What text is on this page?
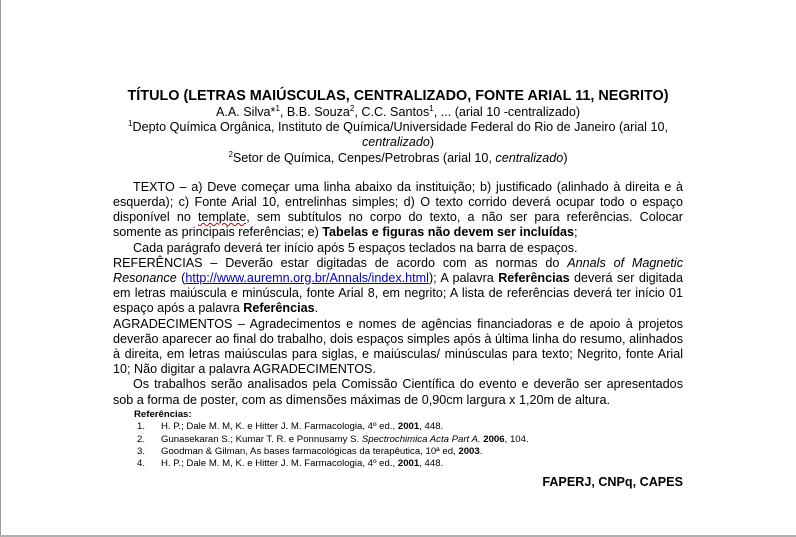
TÍTULO (LETRAS MAIÚSCULAS, CENTRALIZADO, FONTE ARIAL 11, NEGRITO)
A.A. Silva*$^1$, B.B. Souza$^2$, C.C. Santos$^1$, ... (arial 10 -centralizado)
$^1$Depto Química Orgânica, Instituto de Química/Universidade Federal do Rio de Janeiro (arial 10, centralizado)
$^2$Setor de Química, Cenpes/Petrobras (arial 10, centralizado)
TEXTO – a) Deve começar uma linha abaixo da instituição; b) justificado (alinhado à direita e à esquerda); c) Fonte Arial 10, entrelinhas simples; d) O texto corrido deverá ocupar todo o espaço disponível no template, sem subtítulos no corpo do texto, a não ser para referências. Colocar somente as principais referências; e) Tabelas e figuras não devem ser incluídas;
Cada parágrafo deverá ter início após 5 espaços teclados na barra de espaços.
REFERÊNCIAS – Deverão estar digitadas de acordo com as normas do Annals of Magnetic Resonance (http://www.auremn.org.br/Annals/index.html); A palavra Referências deverá ser digitada em letras maiúscula e minúscula, fonte Arial 8, em negrito; A lista de referências deverá ter início 01 espaço após a palavra Referências.
AGRADECIMENTOS – Agradecimentos e nomes de agências financiadoras e de apoio à projetos deverão aparecer ao final do trabalho, dois espaços simples após à última linha do resumo, alinhados à direita, em letras maiúsculas para siglas, e maiúsculas/ minúsculas para texto; Negrito, fonte Arial 10; Não digitar a palavra AGRADECIMENTOS.
Os trabalhos serão analisados pela Comissão Científica do evento e deverão ser apresentados sob a forma de poster, com as dimensões máximas de 0,90cm largura x 1,20m de altura.
Referências:
1.	H. P.; Dale M. M, K. e Hitter J. M. Farmacologia, 4º ed., 2001, 448.
2.	Gunasekaran S.; Kumar T. R. e Ponnusamy S. Spectrochimica Acta Part A. 2006, 104.
3.	Goodman & Gilman, As bases farmacológicas da terapêutica, 10ª ed, 2003.
4.	H. P.; Dale M. M, K. e Hitter J. M. Farmacologia, 4º ed., 2001, 448.
FAPERJ, CNPq, CAPES
